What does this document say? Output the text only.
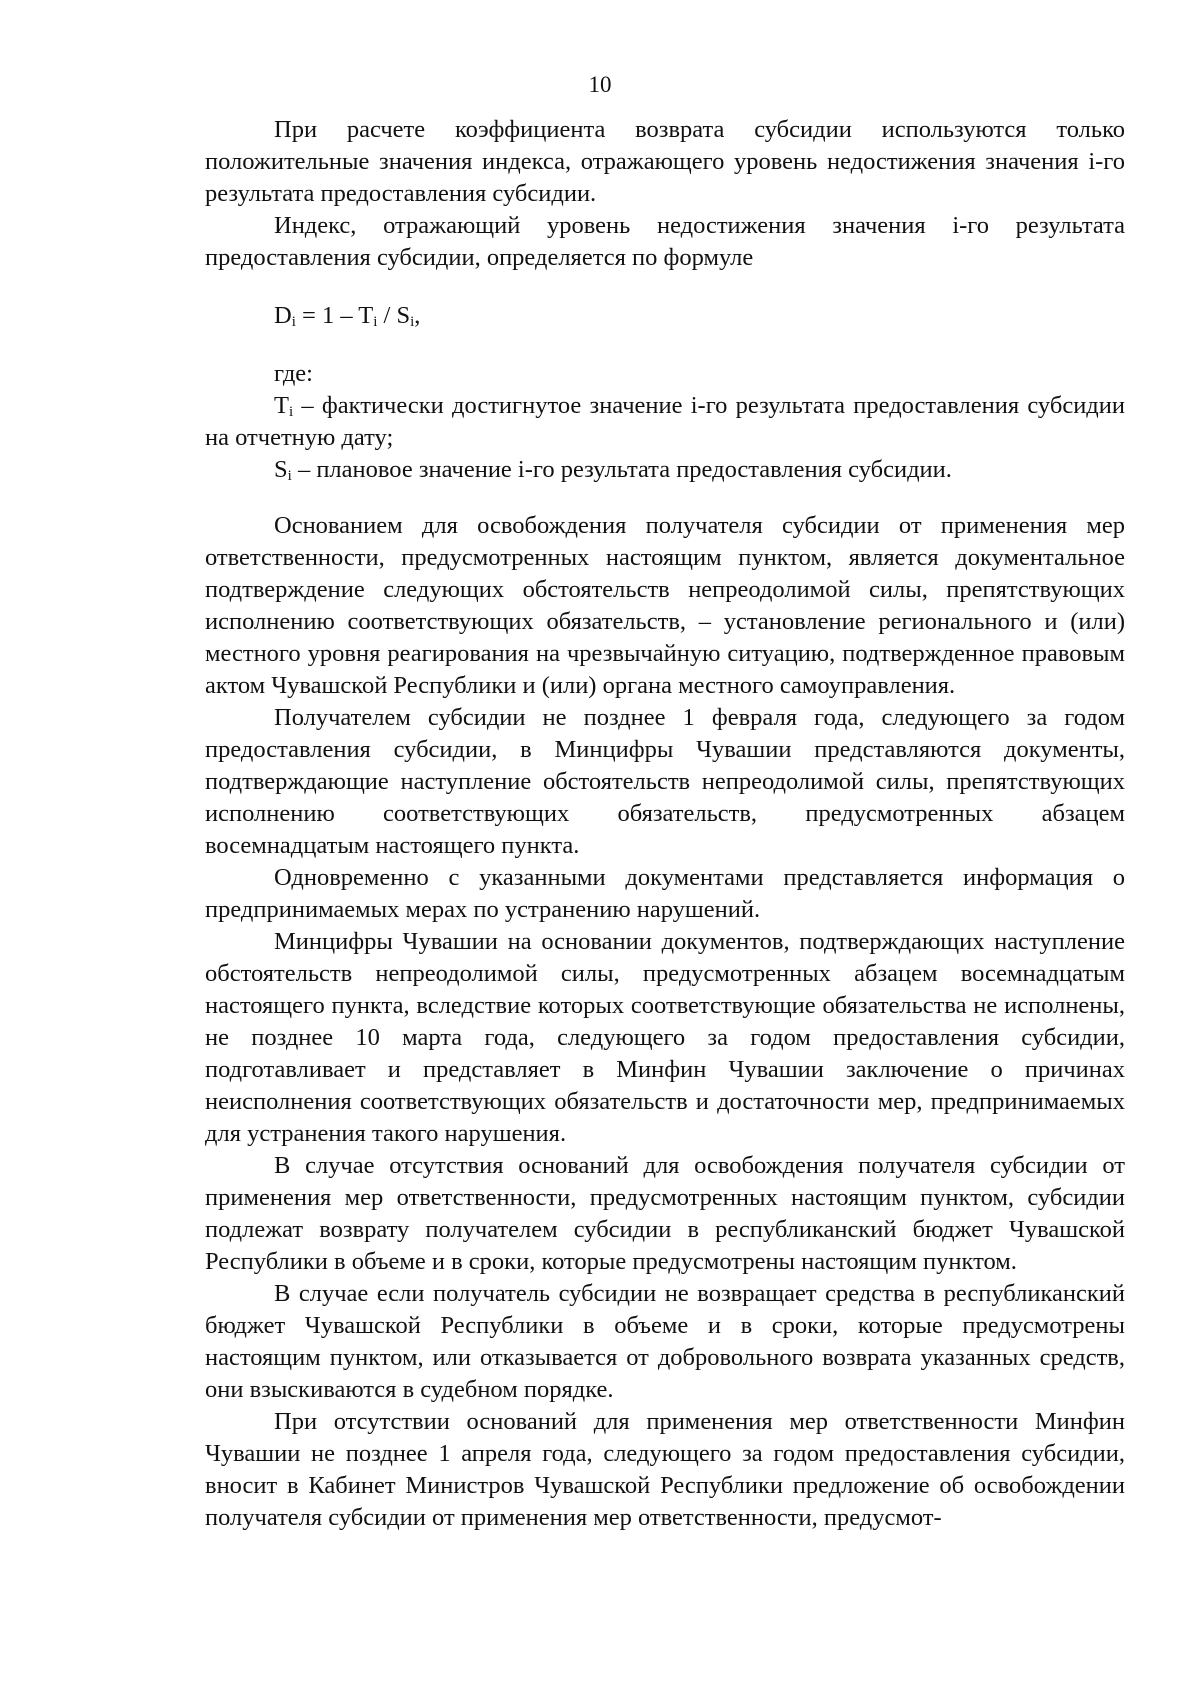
10

При расчете коэффициента возврата субсидии используются только положительные значения индекса, отражающего уровень недостижения значения i-го результата предоставления субсидии.

Индекс, отражающий уровень недостижения значения i-го результата предоставления субсидии, определяется по формуле

$D_i = 1 - T_i / S_i$,

где:

$T_i$ – фактически достигнутое значение i-го результата предоставления субсидии на отчетную дату;

$S_i$ – плановое значение i-го результата предоставления субсидии.

Основанием для освобождения получателя субсидии от применения мер ответственности, предусмотренных настоящим пунктом, является документальное подтверждение следующих обстоятельств непреодолимой силы, препятствующих исполнению соответствующих обязательств, – установление регионального и (или) местного уровня реагирования на чрезвычайную ситуацию, подтвержденное правовым актом Чувашской Республики и (или) органа местного самоуправления.

Получателем субсидии не позднее 1 февраля года, следующего за годом предоставления субсидии, в Минцифры Чувашии представляются документы, подтверждающие наступление обстоятельств непреодолимой силы, препятствующих исполнению соответствующих обязательств, предусмотренных абзацем восемнадцатым настоящего пункта.

Одновременно с указанными документами представляется информация о предпринимаемых мерах по устранению нарушений.

Минцифры Чувашии на основании документов, подтверждающих наступление обстоятельств непреодолимой силы, предусмотренных абзацем восемнадцатым настоящего пункта, вследствие которых соответствующие обязательства не исполнены, не позднее 10 марта года, следующего за годом предоставления субсидии, подготавливает и представляет в Минфин Чувашии заключение о причинах неисполнения соответствующих обязательств и достаточности мер, предпринимаемых для устранения такого нарушения.

В случае отсутствия оснований для освобождения получателя субсидии от применения мер ответственности, предусмотренных настоящим пунктом, субсидии подлежат возврату получателем субсидии в республиканский бюджет Чувашской Республики в объеме и в сроки, которые предусмотрены настоящим пунктом.

В случае если получатель субсидии не возвращает средства в республиканский бюджет Чувашской Республики в объеме и в сроки, которые предусмотрены настоящим пунктом, или отказывается от добровольного возврата указанных средств, они взыскиваются в судебном порядке.

При отсутствии оснований для применения мер ответственности Минфин Чувашии не позднее 1 апреля года, следующего за годом предоставления субсидии, вносит в Кабинет Министров Чувашской Республики предложение об освобождении получателя субсидии от применения мер ответственности, предусмот-
